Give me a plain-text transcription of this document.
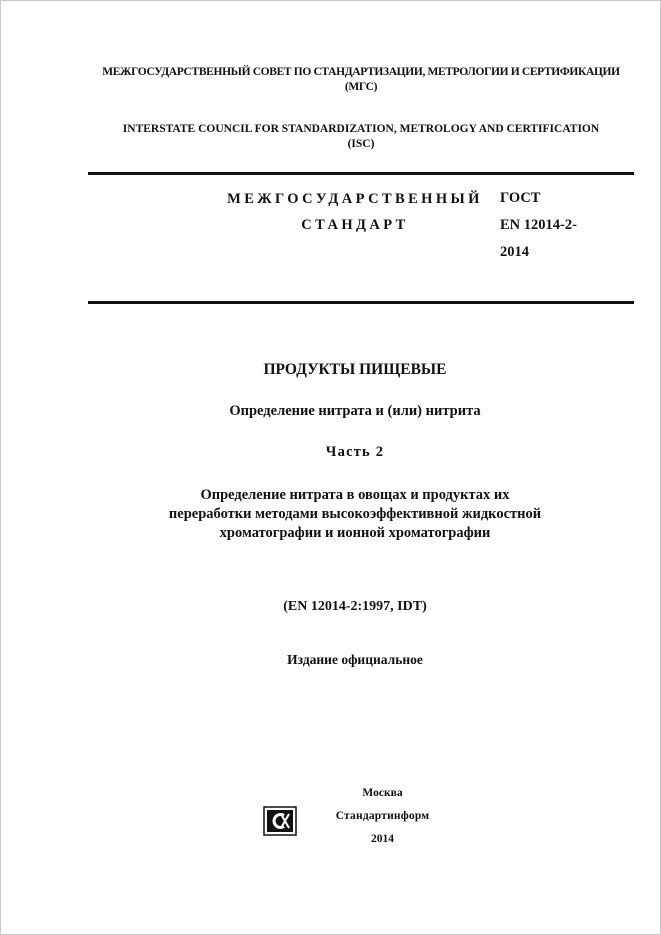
МЕЖГОСУДАРСТВЕННЫЙ СОВЕТ ПО СТАНДАРТИЗАЦИИ, МЕТРОЛОГИИ И СЕРТИФИКАЦИИ
(МГС)
INTERSTATE COUNCIL FOR STANDARDIZATION, METROLOGY AND CERTIFICATION
(ISC)
МЕЖГОСУДАРСТВЕННЫЙ
СТАНДАРТ
ГОСТ
EN 12014-2-
2014
ПРОДУКТЫ ПИЩЕВЫЕ
Определение нитрата и (или) нитрита
Часть 2
Определение нитрата в овощах и продуктах их
переработки методами высокоэффективной жидкостной
хроматографии и ионной хроматографии
(EN 12014-2:1997, IDT)
Издание официальное
Москва
Стандартинформ
2014
